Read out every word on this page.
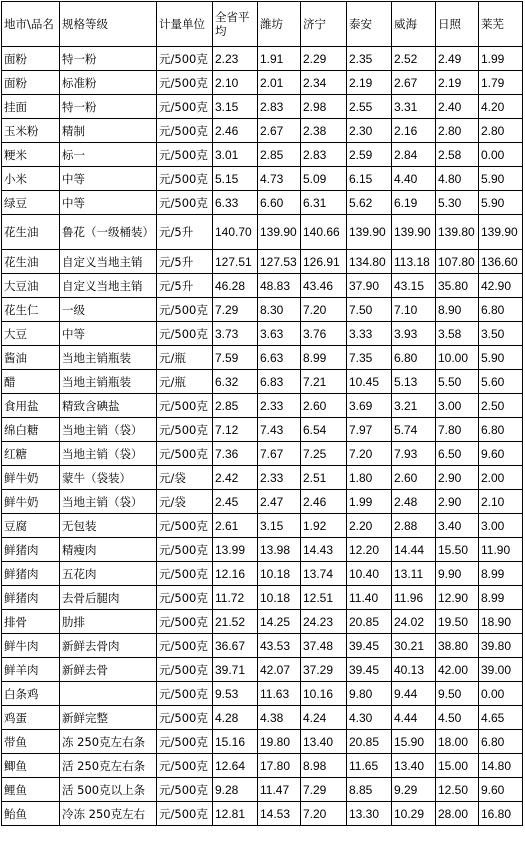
地市\品名	规格等级	计量单位	全省平均	潍坊	济宁	泰安	威海	日照	莱芜
面粉	特一粉	元/500克	2.23	1.91	2.29	2.35	2.52	2.49	1.99
面粉	标准粉	元/500克	2.10	2.01	2.34	2.19	2.67	2.19	1.79
挂面	特一粉	元/500克	3.15	2.83	2.98	2.55	3.31	2.40	4.20
玉米粉	精制	元/500克	2.46	2.67	2.38	2.30	2.16	2.80	2.80
粳米	标一	元/500克	3.01	2.85	2.83	2.59	2.84	2.58	0.00
小米	中等	元/500克	5.15	4.73	5.09	6.15	4.40	4.80	5.90
绿豆	中等	元/500克	6.33	6.60	6.31	5.62	6.19	5.30	5.90
花生油	鲁花（一级桶装）	元/5升	140.70	139.90	140.66	139.90	139.90	139.80	139.90
花生油	自定义当地主销	元/5升	127.51	127.53	126.91	134.80	113.18	107.80	136.60
大豆油	自定义当地主销	元/5升	46.28	48.83	43.46	37.90	43.15	35.80	42.90
花生仁	一级	元/500克	7.29	8.30	7.20	7.50	7.10	8.90	6.80
大豆	中等	元/500克	3.73	3.63	3.76	3.33	3.93	3.58	3.50
酱油	当地主销瓶装	元/瓶	7.59	6.63	8.99	7.35	6.80	10.00	5.90
醋	当地主销瓶装	元/瓶	6.32	6.83	7.21	10.45	5.13	5.50	5.60
食用盐	精致含碘盐	元/500克	2.85	2.33	2.60	3.69	3.21	3.00	2.50
绵白糖	当地主销（袋）	元/500克	7.12	7.43	6.54	7.97	5.74	7.80	6.80
红糖	当地主销（袋）	元/500克	7.36	7.67	7.25	7.20	7.93	6.50	9.60
鲜牛奶	蒙牛（袋装）	元/袋	2.42	2.33	2.51	1.80	2.60	2.90	2.00
鲜牛奶	当地主销（袋）	元/袋	2.45	2.47	2.46	1.99	2.48	2.90	2.10
豆腐	无包装	元/500克	2.61	3.15	1.92	2.20	2.88	3.40	3.00
鲜猪肉	精瘦肉	元/500克	13.99	13.98	14.43	12.20	14.44	15.50	11.90
鲜猪肉	五花肉	元/500克	12.16	10.18	13.74	10.40	13.11	9.90	8.99
鲜猪肉	去骨后腿肉	元/500克	11.72	10.18	12.51	11.40	11.96	12.90	8.99
排骨	肋排	元/500克	21.52	14.25	24.23	20.85	24.02	19.50	18.90
鲜牛肉	新鲜去骨肉	元/500克	36.67	43.53	37.48	39.45	30.21	38.80	39.80
鲜羊肉	新鲜去骨	元/500克	39.71	42.07	37.29	39.45	40.13	42.00	39.00
白条鸡		元/500克	9.53	11.63	10.16	9.80	9.44	9.50	0.00
鸡蛋	新鲜完整	元/500克	4.28	4.38	4.24	4.30	4.44	4.50	4.65
带鱼	冻 250克左右条	元/500克	15.16	19.80	13.40	20.85	15.90	18.00	6.80
鲫鱼	活 250克左右条	元/500克	12.64	17.80	8.98	11.65	13.40	15.00	14.80
鲤鱼	活 500克以上条	元/500克	9.28	11.47	7.29	8.85	9.29	12.50	9.60
鲐鱼	冷冻 250克左右	元/500克	12.81	14.53	7.20	13.30	10.29	28.00	16.80
